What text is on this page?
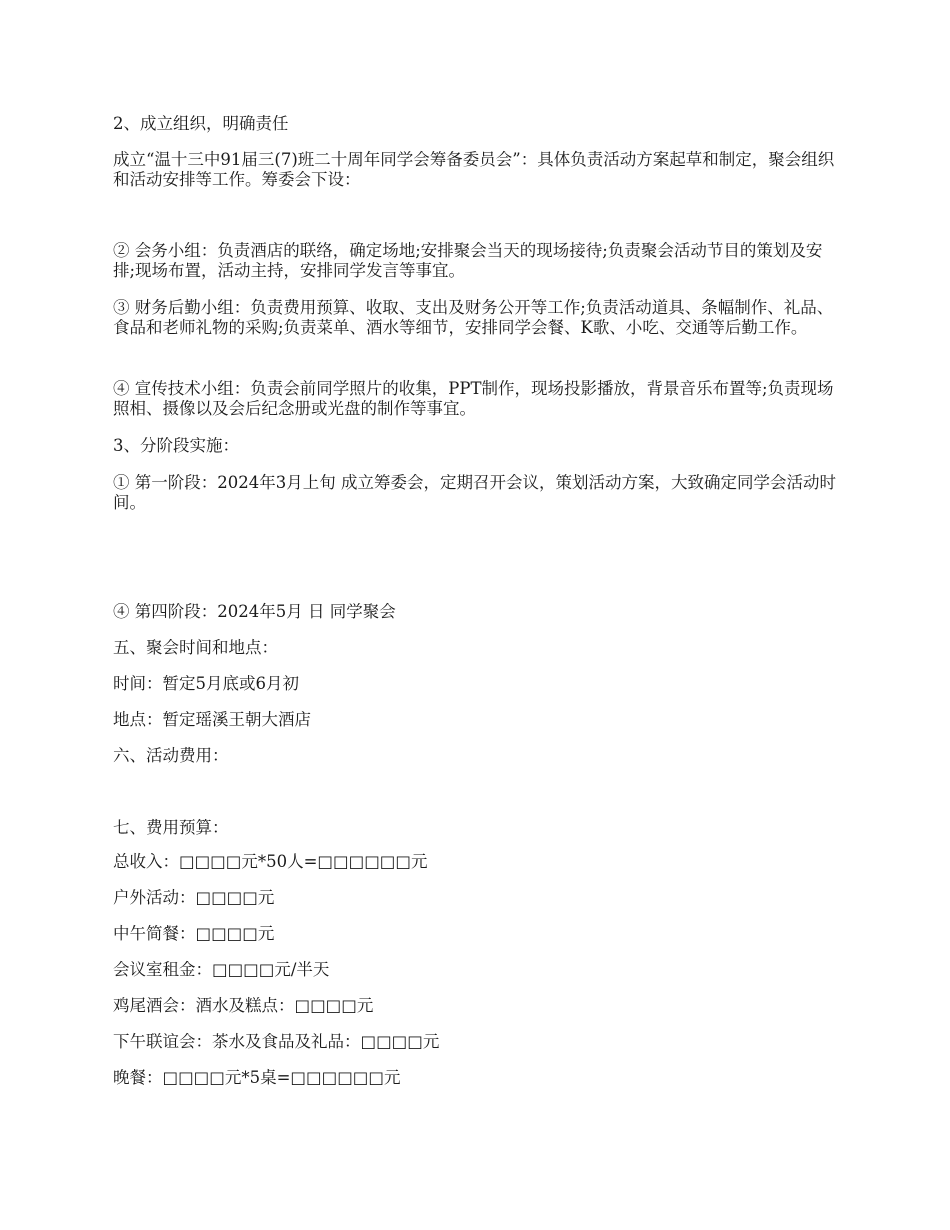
2、成立组织，明确责任

成立“温十三中91届三(7)班二十周年同学会筹备委员会”：具体负责活动方案起草和制定，聚会组织和活动安排等工作。筹委会下设：

② 会务小组：负责酒店的联络，确定场地;安排聚会当天的现场接待;负责聚会活动节目的策划及安排;现场布置，活动主持，安排同学发言等事宜。

③ 财务后勤小组：负责费用预算、收取、支出及财务公开等工作;负责活动道具、条幅制作、礼品、食品和老师礼物的采购;负责菜单、酒水等细节，安排同学会餐、K歌、小吃、交通等后勤工作。

④ 宣传技术小组：负责会前同学照片的收集，PPT制作，现场投影播放，背景音乐布置等;负责现场照相、摄像以及会后纪念册或光盘的制作等事宜。

3、分阶段实施：

① 第一阶段：2024年3月上旬 成立筹委会，定期召开会议，策划活动方案，大致确定同学会活动时间。

④ 第四阶段：2024年5月 日 同学聚会

五、聚会时间和地点：

时间：暂定5月底或6月初

地点：暂定瑶溪王朝大酒店

六、活动费用：

七、费用预算：

总收入：□□□□元*50人=□□□□□□元

户外活动：□□□□元

中午简餐：□□□□元

会议室租金：□□□□元/半天

鸡尾酒会：酒水及糕点：□□□□元

下午联谊会：茶水及食品及礼品：□□□□元

晚餐：□□□□元*5桌=□□□□□□元
